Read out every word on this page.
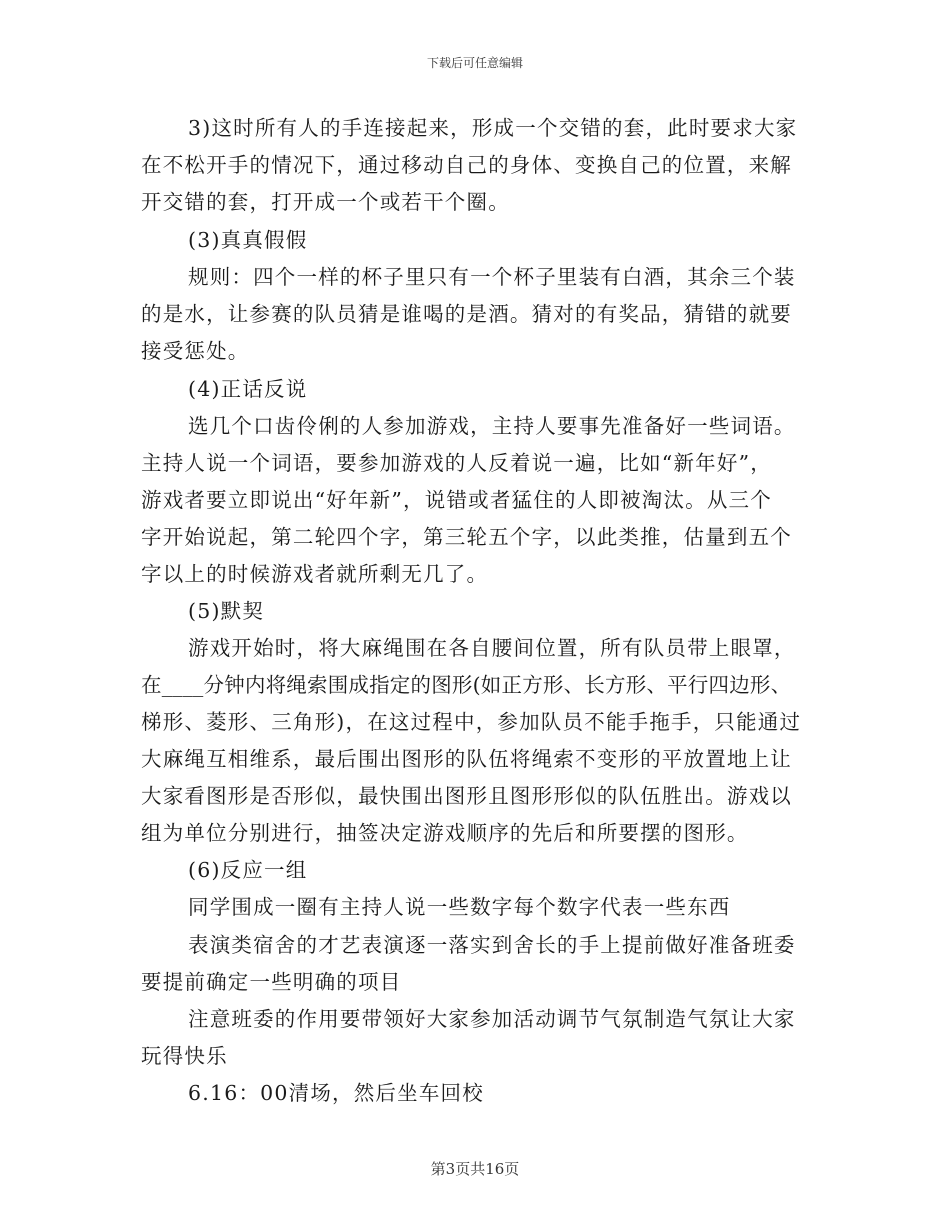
下载后可任意编辑
3)这时所有人的手连接起来，形成一个交错的套，此时要求大家
在不松开手的情况下，通过移动自己的身体、变换自己的位置，来解
开交错的套，打开成一个或若干个圈。
(3)真真假假
规则：四个一样的杯子里只有一个杯子里装有白酒，其余三个装
的是水，让参赛的队员猜是谁喝的是酒。猜对的有奖品，猜错的就要
接受惩处。
(4)正话反说
选几个口齿伶俐的人参加游戏，主持人要事先准备好一些词语。
主持人说一个词语，要参加游戏的人反着说一遍，比如“新年好”，
游戏者要立即说出“好年新”，说错或者猛住的人即被淘汰。从三个
字开始说起，第二轮四个字，第三轮五个字，以此类推，估量到五个
字以上的时候游戏者就所剩无几了。
(5)默契
游戏开始时，将大麻绳围在各自腰间位置，所有队员带上眼罩，
在____分钟内将绳索围成指定的图形(如正方形、长方形、平行四边形、
梯形、菱形、三角形)，在这过程中，参加队员不能手拖手，只能通过
大麻绳互相维系，最后围出图形的队伍将绳索不变形的平放置地上让
大家看图形是否形似，最快围出图形且图形形似的队伍胜出。游戏以
组为单位分别进行，抽签决定游戏顺序的先后和所要摆的图形。
(6)反应一组
同学围成一圈有主持人说一些数字每个数字代表一些东西
表演类宿舍的才艺表演逐一落实到舍长的手上提前做好准备班委
要提前确定一些明确的项目
注意班委的作用要带领好大家参加活动调节气氛制造气氛让大家
玩得快乐
6.16：00清场，然后坐车回校
第3页共16页
